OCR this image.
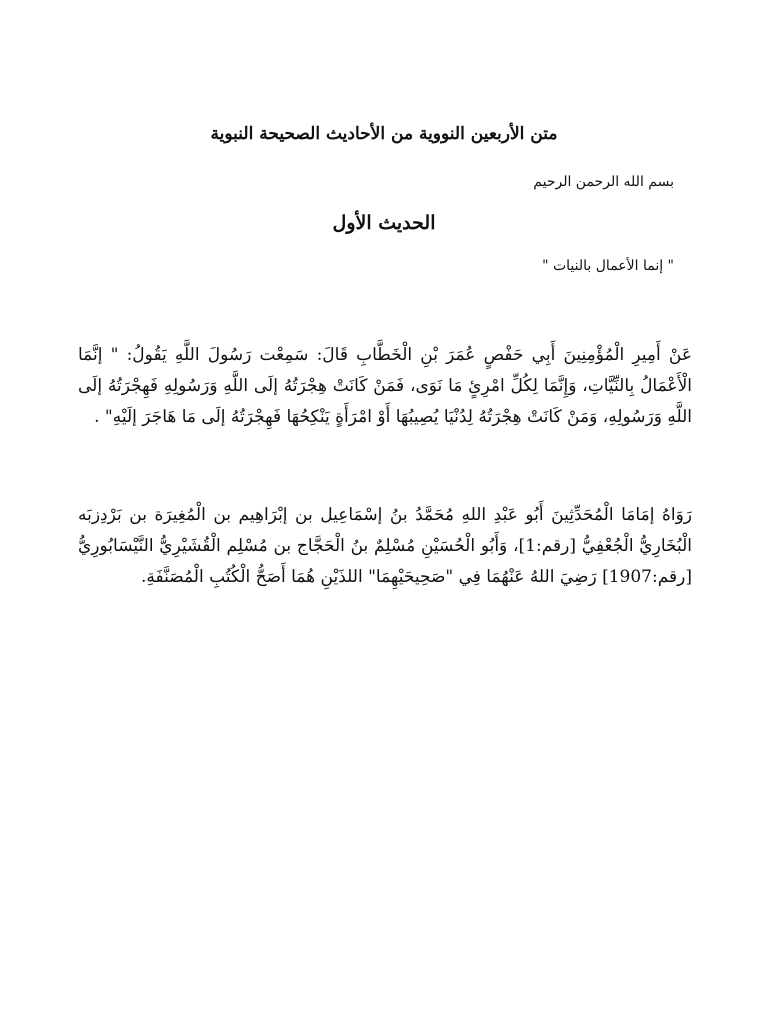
متن الأربعين النووية من الأحاديث الصحيحة النبوية

بسم الله الرحمن الرحيم

الحديث الأول

" إنما الأعمال بالنيات "

عَنْ أَمِيرِ الْمُؤْمِنِينَ أَبِي حَفْصٍ عُمَرَ بْنِ الْخَطَّابِ قَالَ: سَمِعْت رَسُولَ اللَّهِ يَقُولُ: " إنَّمَا الْأَعْمَالُ بِالنِّيَّاتِ، وَإِنَّمَا لِكُلِّ امْرِئٍ مَا نَوَى، فَمَنْ كَانَتْ هِجْرَتُهُ إلَى اللَّهِ وَرَسُولِهِ فَهِجْرَتُهُ إلَى اللَّهِ وَرَسُولِهِ، وَمَنْ كَانَتْ هِجْرَتُهُ لِدُنْيَا يُصِيبُهَا أَوْ امْرَأَةٍ يَنْكِحُهَا فَهِجْرَتُهُ إلَى مَا هَاجَرَ إلَيْهِ" .

رَوَاهُ إمَامَا الْمُحَدِّثِينَ أَبُو عَبْدِ اللهِ مُحَمَّدُ بنُ إسْمَاعِيل بن إبْرَاهِيم بن الْمُغِيرَة بن بَرْدِزبَه الْبُخَارِيُّ الْجُعْفِيُّ [رقم:1]، وَأَبُو الْحُسَيْنِ مُسْلِمٌ بنُ الْحَجَّاج بن مُسْلِم الْقُشَيْرِيُّ النَّيْسَابُورِيُّ [رقم:1907] رَضِيَ اللهُ عَنْهُمَا فِي "صَحِيحَيْهِمَا" اللذَيْنِ هُمَا أَصَحُّ الْكُتُبِ الْمُصَنَّفَةِ.
